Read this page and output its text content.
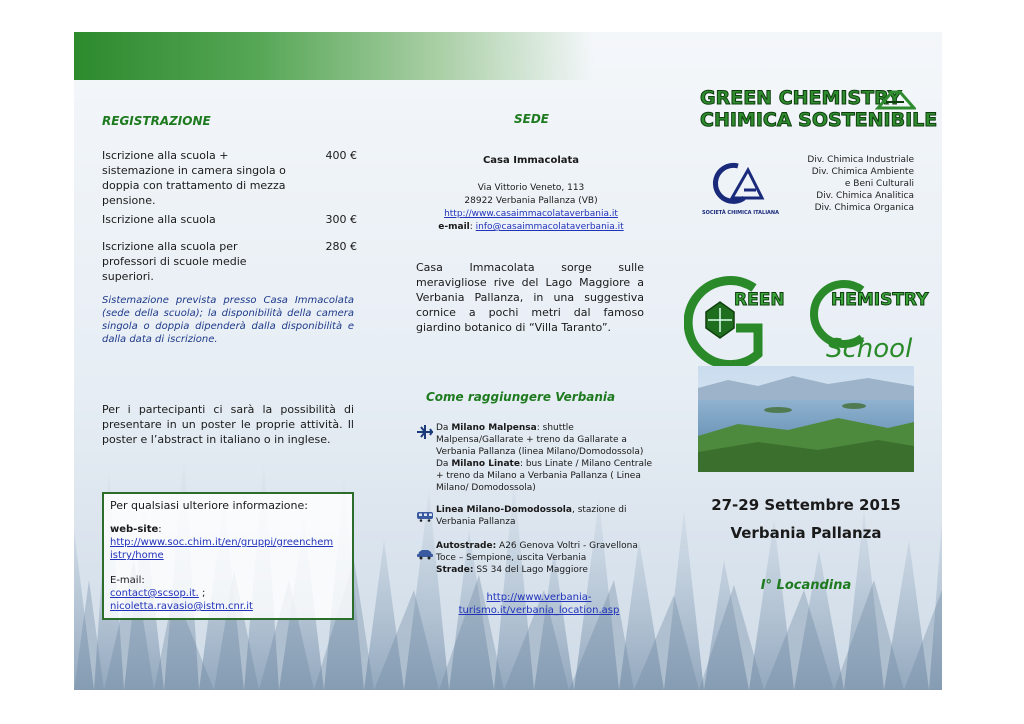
REGISTRAZIONE
Iscrizione alla scuola + sistemazione in camera singola o doppia con trattamento di mezza pensione.
400 €
Iscrizione alla scuola	300 €
Iscrizione alla scuola per professori di scuole medie superiori.
280 €
Sistemazione prevista presso Casa Immacolata (sede della scuola); la disponibilità della camera singola o doppia dipenderà dalla disponibilità e dalla data di iscrizione.
Per i partecipanti ci sarà la possibilità di presentare in un poster le proprie attività. Il poster e l’abstract in italiano o in inglese.
Per qualsiasi ulteriore informazione:
web-site:
http://www.soc.chim.it/en/gruppi/greenchem
istry/home
E-mail:
contact@scsop.it. ;
nicoletta.ravasio@istm.cnr.it
SEDE
Casa Immacolata
Via Vittorio Veneto, 113
28922 Verbania Pallanza (VB)
http://www.casaimmacolataverbania.it
e-mail: info@casaimmacolataverbania.it
Casa Immacolata sorge sulle meravigliose rive del Lago Maggiore a Verbania Pallanza, in una suggestiva cornice a pochi metri dal famoso giardino botanico di “Villa Taranto”.
Come raggiungere Verbania
Da Milano Malpensa: shuttle
Malpensa/Gallarate + treno da Gallarate a
Verbania Pallanza (linea Milano/Domodossola)
Da Milano Linate: bus Linate / Milano Centrale
+ treno da Milano a Verbania Pallanza ( Linea
Milano/ Domodossola)
Linea Milano-Domodossola, stazione di
Verbania Pallanza
Autostrade: A26 Genova Voltri - Gravellona
Toce – Sempione, uscita Verbania
Strade: SS 34 del Lago Maggiore
http://www.verbania-
turismo.it/verbania_location.asp
GREEN CHEMISTRY
CHIMICA SOSTENIBILE
SOCIETÀ CHIMICA ITALIANA
Div. Chimica Industriale
Div. Chimica Ambiente
e Beni Culturali
Div. Chimica Analitica
Div. Chimica Organica
REEN	HEMISTRY
School
27-29 Settembre 2015
Verbania Pallanza
I° Locandina
